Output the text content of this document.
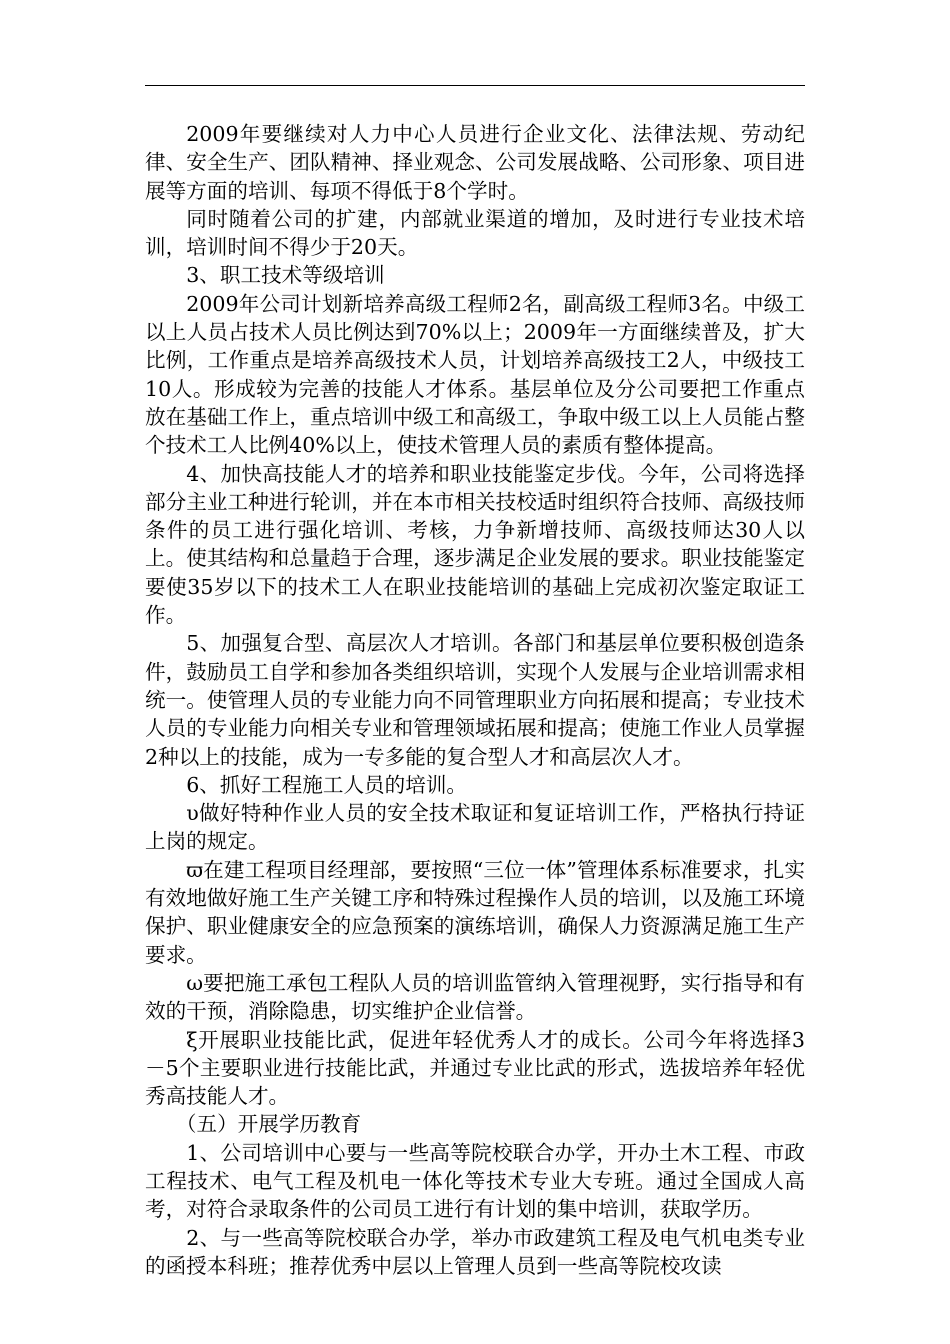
2009年要继续对人力中心人员进行企业文化、法律法规、劳动纪律、安全生产、团队精神、择业观念、公司发展战略、公司形象、项目进展等方面的培训、每项不得低于8个学时。

同时随着公司的扩建，内部就业渠道的增加，及时进行专业技术培训，培训时间不得少于20天。

3、职工技术等级培训

2009年公司计划新培养高级工程师2名，副高级工程师3名。中级工以上人员占技术人员比例达到70%以上；2009年一方面继续普及，扩大比例，工作重点是培养高级技术人员，计划培养高级技工2人，中级技工10人。形成较为完善的技能人才体系。基层单位及分公司要把工作重点放在基础工作上，重点培训中级工和高级工，争取中级工以上人员能占整个技术工人比例40%以上，使技术管理人员的素质有整体提高。

4、加快高技能人才的培养和职业技能鉴定步伐。今年，公司将选择部分主业工种进行轮训，并在本市相关技校适时组织符合技师、高级技师条件的员工进行强化培训、考核，力争新增技师、高级技师达30人以上。使其结构和总量趋于合理，逐步满足企业发展的要求。职业技能鉴定要使35岁以下的技术工人在职业技能培训的基础上完成初次鉴定取证工作。

5、加强复合型、高层次人才培训。各部门和基层单位要积极创造条件，鼓励员工自学和参加各类组织培训，实现个人发展与企业培训需求相统一。使管理人员的专业能力向不同管理职业方向拓展和提高；专业技术人员的专业能力向相关专业和管理领域拓展和提高；使施工作业人员掌握2种以上的技能，成为一专多能的复合型人才和高层次人才。

6、抓好工程施工人员的培训。

υ做好特种作业人员的安全技术取证和复证培训工作，严格执行持证上岗的规定。

ϖ在建工程项目经理部，要按照“三位一体”管理体系标准要求，扎实有效地做好施工生产关键工序和特殊过程操作人员的培训，以及施工环境保护、职业健康安全的应急预案的演练培训，确保人力资源满足施工生产要求。

ω要把施工承包工程队人员的培训监管纳入管理视野，实行指导和有效的干预，消除隐患，切实维护企业信誉。

ξ开展职业技能比武，促进年轻优秀人才的成长。公司今年将选择3－5个主要职业进行技能比武，并通过专业比武的形式，选拔培养年轻优秀高技能人才。

（五）开展学历教育

1、公司培训中心要与一些高等院校联合办学，开办土木工程、市政工程技术、电气工程及机电一体化等技术专业大专班。通过全国成人高考，对符合录取条件的公司员工进行有计划的集中培训，获取学历。

2、与一些高等院校联合办学，举办市政建筑工程及电气机电类专业的函授本科班；推荐优秀中层以上管理人员到一些高等院校攻读
